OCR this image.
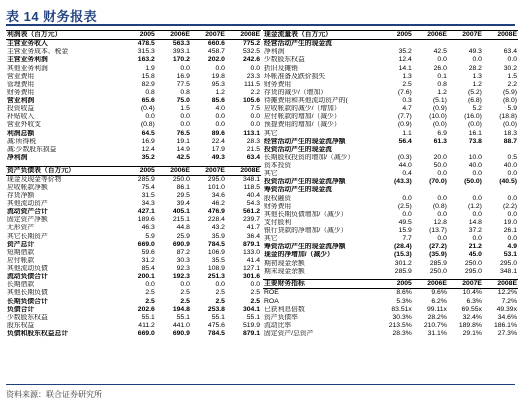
表 14 财务报表
利润表（百万元）	2005	2006E	2007E	2008E
主营业务收入	478.5	563.3	660.6	775.2
主营业务成本、税金	315.3	393.1	458.7	532.5
主营业务利润	163.2	170.2	202.0	242.6
其他业务利润	1.9	0.0	0.0	0.0
营业费用	15.8	16.9	19.8	23.3
管理费用	82.9	77.5	95.3	111.5
财务费用	0.8	0.8	1.2	2.2
营业利润	65.6	75.0	85.6	105.6
投资收益	(0.4)	1.5	4.0	7.5
补贴收入	0.0	0.0	0.0	0.0
营业外收支	(0.8)	0.0	0.0	0.0
利润总额	64.5	76.5	89.6	113.1
减:所得税	16.9	19.1	22.4	28.3
减:少数股东损益	12.4	14.9	17.9	21.5
净利润	35.2	42.5	49.3	63.4

资产负债表（百万元）	2005	2006E	2007E	2008E
现金及现金等价物	285.9	250.0	295.0	348.1
应收帐款净额	75.4	86.1	101.0	118.5
存货净额	31.5	29.5	34.6	40.4
其他流动资产	34.3	39.4	46.2	54.3
流动资产合计	427.1	405.1	476.9	561.2
固定资产净额	189.6	215.1	228.4	239.7
无形资产	46.3	44.8	43.2	41.7
其它长期资产	5.9	25.9	35.9	36.4
资产总计	669.0	690.9	784.5	879.1
短期借款	59.6	87.2	106.9	133.0
应付帐款	31.2	30.3	35.5	41.4
其他流动负债	85.4	92.3	108.9	127.1
流动负债合计	200.1	192.3	251.3	301.6
长期借款	0.0	0.0	0.0	0.0
其他长期负债	2.5	2.5	2.5	2.5
长期负债合计	2.5	2.5	2.5	2.5
负债合计	202.6	194.8	253.8	304.1
少数股东权益	55.1	55.1	55.1	55.1
股东权益	411.2	441.0	475.6	519.9
负债和股东权益总计	669.0	690.9	784.5	879.1
现金流量表（百万元）	2005	2006E	2007E	2008E
经营活动产生的现金流				
净利润	35.2	42.5	49.3	63.4
少数股东权益	12.4	0.0	0.0	0.0
折旧及摊销	14.1	26.0	28.2	30.2
坏帐准备及跌价损失	1.3	0.1	1.3	1.5
财务费用	2.5	0.8	1.2	2.2
存货的减少/（增加）	(7.6)	1.2	(5.2)	(5.9)
待摊费用和其他流动资产的(	0.3	(5.1)	(6.8)	(8.0)
应收帐款的减少/（增加）	4.7	(0.9)	5.2	5.9
应付帐款的增加/（减少）	(7.7)	(10.0)	(16.0)	(18.8)
预提费用的增加/（减少）	(0.9)	(0.0)	(0.0)	(0.0)
其它	1.1	6.9	16.1	18.3
经营活动产生的现金流净额	56.4	61.3	73.8	88.7
投资活动产生的现金流				
长期股权投资的增加/（减少）	(0.3)	20.0	10.0	0.5
资本投资	44.0	50.0	40.0	40.0
其它	0.4	0.0	0.0	0.0
投资活动产生的现金流净额	(43.3)	(70.0)	(50.0)	(40.5)
筹资活动产生的现金流				
股权融资	0.0	0.0	0.0	0.0
财务费用	(2.5)	(0.8)	(1.2)	(2.2)
其他长期负债增加/（减少）	0.0	0.0	0.0	0.0
支付股利	49.5	12.8	14.8	19.0
银行贷款的净增加/（减少）	15.9	(13.7)	37.2	26.1
其它	7.7	0.0	0.0	0.0
筹资活动产生的现金流净额	(28.4)	(27.2)	21.2	4.9
现金的净增加/（减少）	(15.3)	(35.9)	45.0	53.1
期初现金余额	301.2	285.9	250.0	295.0
期末现金余额	285.9	250.0	295.0	348.1

主要财务指标	2005	2006E	2007E	2008E
ROE	8.6%	9.6%	10.4%	12.2%
ROA	5.3%	6.2%	6.3%	7.2%
已获利息倍数	83.51x	99.11x	69.55x	49.39x
资产负债率	30.3%	28.2%	32.4%	34.6%
流动比率	213.5%	210.7%	189.8%	186.1%
固定资产/总资产	28.3%	31.1%	29.1%	27.3%
资料来源：联合证券研究所
